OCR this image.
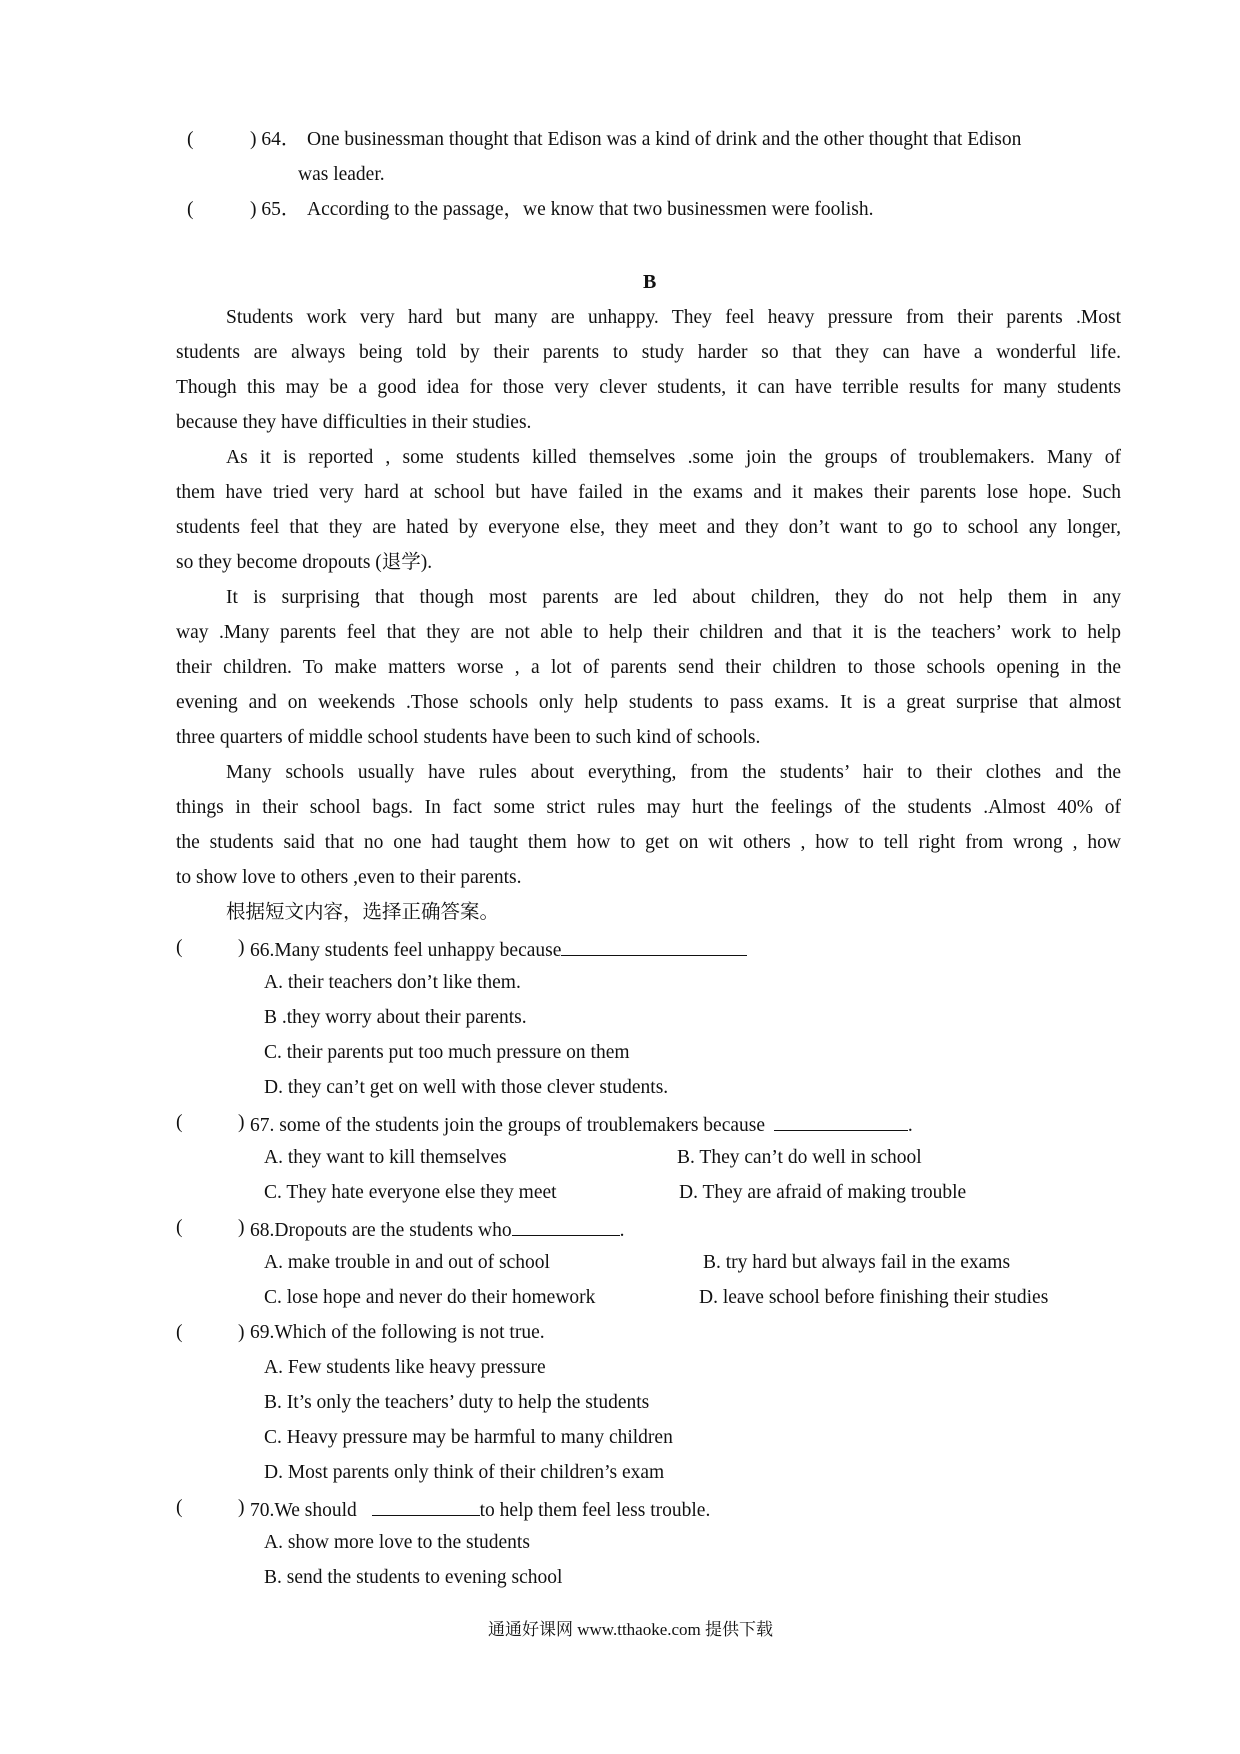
(	) 64． One businessman thought that Edison was a kind of drink and the other thought that Edison
was leader.
(	) 65． According to the passage，we know that two businessmen were foolish.
B
Students work very hard but many are unhappy. They feel heavy pressure from their parents .Most
students are always being told by their parents to study harder so that they can have a wonderful life.
Though this may be a good idea for those very clever students, it can have terrible results for many students
because they have difficulties in their studies.
As it is reported , some students killed themselves .some join the groups of troublemakers. Many of
them have tried very hard at school but have failed in the exams and it makes their parents lose hope. Such
students feel that they are hated by everyone else, they meet and they don’t want to go to school any longer,
so they become dropouts (退学).
It is surprising that though most parents are led about children, they do not help them in any
way .Many parents feel that they are not able to help their children and that it is the teachers’ work to help
their children. To make matters worse , a lot of parents send their children to those schools opening in the
evening and on weekends .Those schools only help students to pass exams. It is a great surprise that almost
three quarters of middle school students have been to such kind of schools.
Many schools usually have rules about everything, from the students’ hair to their clothes and the
things in their school bags. In fact some strict rules may hurt the feelings of the students .Almost 40% of
the students said that no one had taught them how to get on wit others , how to tell right from wrong , how
to show love to others ,even to their parents.
根据短文内容，选择正确答案。
(	) 66.Many students feel unhappy because
A. their teachers don’t like them.
B .they worry about their parents.
C. their parents put too much pressure on them
D. they can’t get on well with those clever students.
(	) 67. some of the students join the groups of troublemakers because	.
A. they want to kill themselves	B. They can’t do well in school
C. They hate everyone else they meet	D. They are afraid of making trouble
(	) 68.Dropouts are the students who	.
A. make trouble in and out of school	B. try hard but always fail in the exams
C. lose hope and never do their homework	D. leave school before finishing their studies
(	) 69.Which of the following is not true.
A. Few students like heavy pressure
B. It’s only the teachers’ duty to help the students
C. Heavy pressure may be harmful to many children
D. Most parents only think of their children’s exam
(	) 70.We should	to help them feel less trouble.
A. show more love to the students
B. send the students to evening school
通通好课网 www.tthaoke.com 提供下载
